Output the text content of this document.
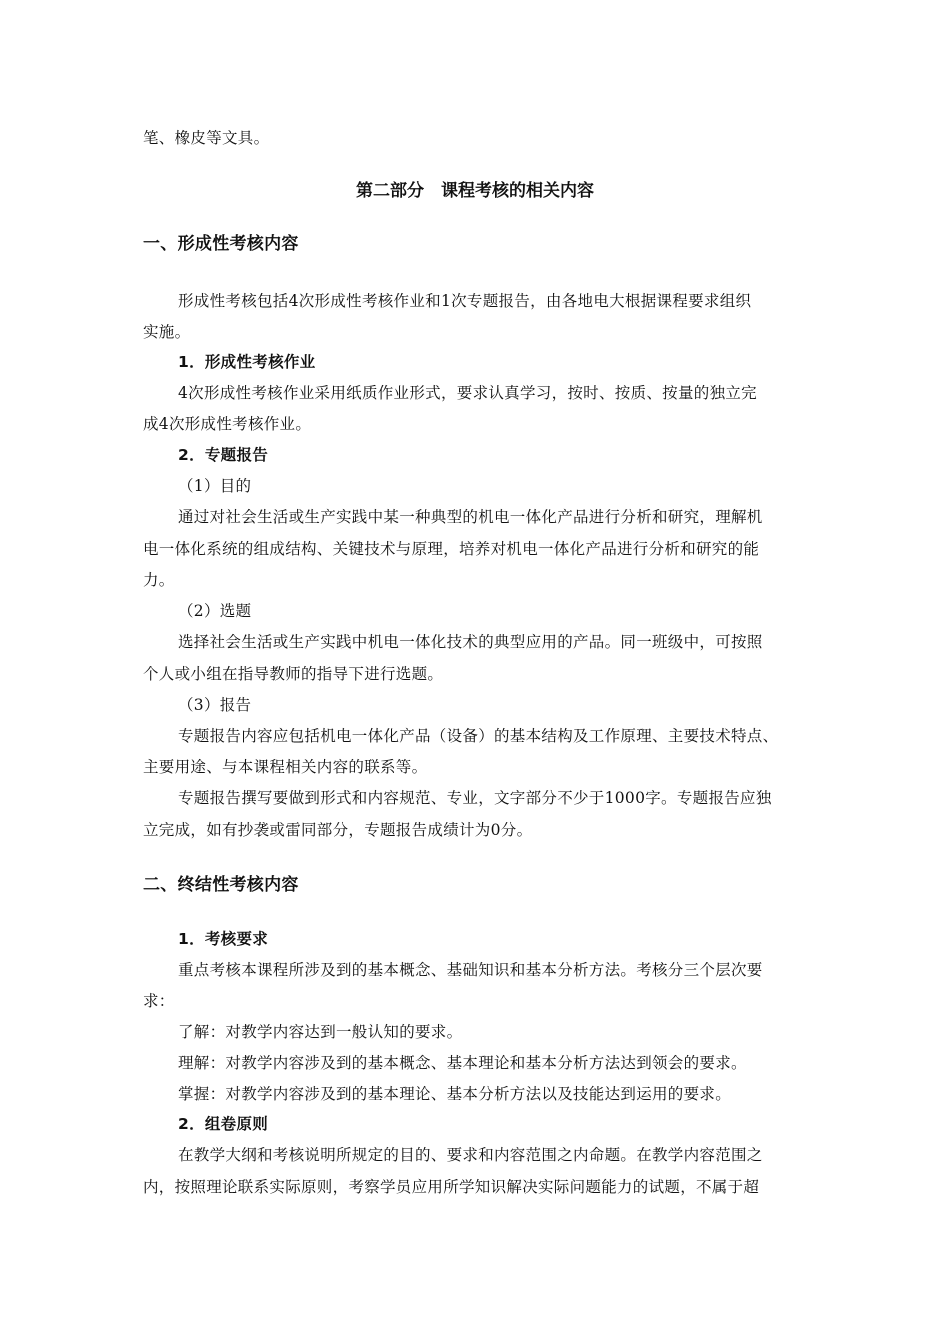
笔、橡皮等文具。
第二部分　课程考核的相关内容
一、形成性考核内容
形成性考核包括4次形成性考核作业和1次专题报告，由各地电大根据课程要求组织
实施。
1．形成性考核作业
4次形成性考核作业采用纸质作业形式，要求认真学习，按时、按质、按量的独立完
成4次形成性考核作业。
2．专题报告
（1）目的
通过对社会生活或生产实践中某一种典型的机电一体化产品进行分析和研究，理解机
电一体化系统的组成结构、关键技术与原理，培养对机电一体化产品进行分析和研究的能
力。
（2）选题
选择社会生活或生产实践中机电一体化技术的典型应用的产品。同一班级中，可按照
个人或小组在指导教师的指导下进行选题。
（3）报告
专题报告内容应包括机电一体化产品（设备）的基本结构及工作原理、主要技术特点、
主要用途、与本课程相关内容的联系等。
专题报告撰写要做到形式和内容规范、专业，文字部分不少于1000字。专题报告应独
立完成，如有抄袭或雷同部分，专题报告成绩计为0分。
二、终结性考核内容
1．考核要求
重点考核本课程所涉及到的基本概念、基础知识和基本分析方法。考核分三个层次要
求：
了解：对教学内容达到一般认知的要求。
理解：对教学内容涉及到的基本概念、基本理论和基本分析方法达到领会的要求。
掌握：对教学内容涉及到的基本理论、基本分析方法以及技能达到运用的要求。
2．组卷原则
在教学大纲和考核说明所规定的目的、要求和内容范围之内命题。在教学内容范围之
内，按照理论联系实际原则，考察学员应用所学知识解决实际问题能力的试题，不属于超
